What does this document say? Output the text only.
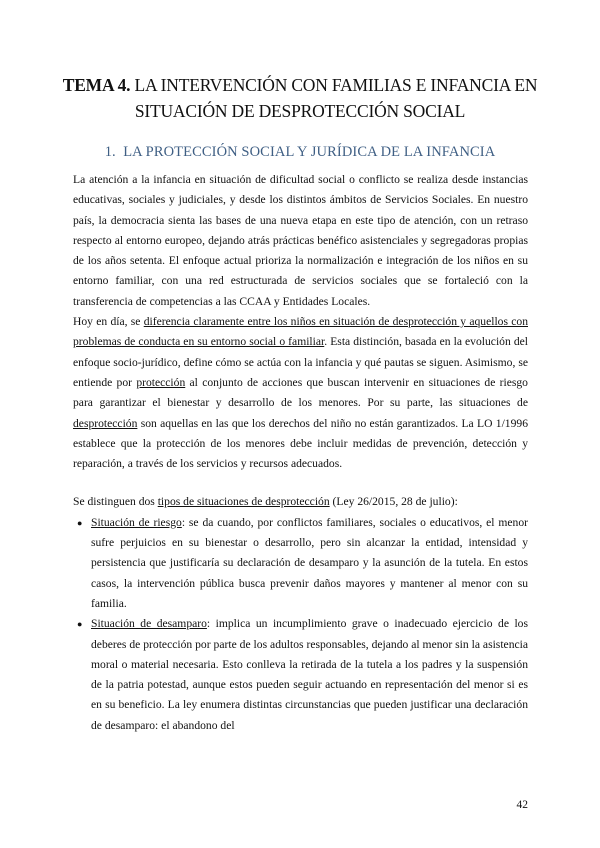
TEMA 4. LA INTERVENCIÓN CON FAMILIAS E INFANCIA EN
SITUACIÓN DE DESPROTECCIÓN SOCIAL
1. LA PROTECCIÓN SOCIAL Y JURÍDICA DE LA INFANCIA

La atención a la infancia en situación de dificultad social o conflicto se realiza desde instancias educativas, sociales y judiciales, y desde los distintos ámbitos de Servicios Sociales. En nuestro país, la democracia sienta las bases de una nueva etapa en este tipo de atención, con un retraso respecto al entorno europeo, dejando atrás prácticas benéfico asistenciales y segregadoras propias de los años setenta. El enfoque actual prioriza la normalización e integración de los niños en su entorno familiar, con una red estructurada de servicios sociales que se fortaleció con la transferencia de competencias a las CCAA y Entidades Locales.

Hoy en día, se diferencia claramente entre los niños en situación de desprotección y aquellos con problemas de conducta en su entorno social o familiar. Esta distinción, basada en la evolución del enfoque socio-jurídico, define cómo se actúa con la infancia y qué pautas se siguen. Asimismo, se entiende por protección al conjunto de acciones que buscan intervenir en situaciones de riesgo para garantizar el bienestar y desarrollo de los menores. Por su parte, las situaciones de desprotección son aquellas en las que los derechos del niño no están garantizados. La LO 1/1996 establece que la protección de los menores debe incluir medidas de prevención, detección y reparación, a través de los servicios y recursos adecuados.

Se distinguen dos tipos de situaciones de desprotección (Ley 26/2015, 28 de julio):

● Situación de riesgo: se da cuando, por conflictos familiares, sociales o educativos, el menor sufre perjuicios en su bienestar o desarrollo, pero sin alcanzar la entidad, intensidad y persistencia que justificaría su declaración de desamparo y la asunción de la tutela. En estos casos, la intervención pública busca prevenir daños mayores y mantener al menor con su familia.
● Situación de desamparo: implica un incumplimiento grave o inadecuado ejercicio de los deberes de protección por parte de los adultos responsables, dejando al menor sin la asistencia moral o material necesaria. Esto conlleva la retirada de la tutela a los padres y la suspensión de la patria potestad, aunque estos pueden seguir actuando en representación del menor si es en su beneficio. La ley enumera distintas circunstancias que pueden justificar una declaración de desamparo: el abandono del
42
